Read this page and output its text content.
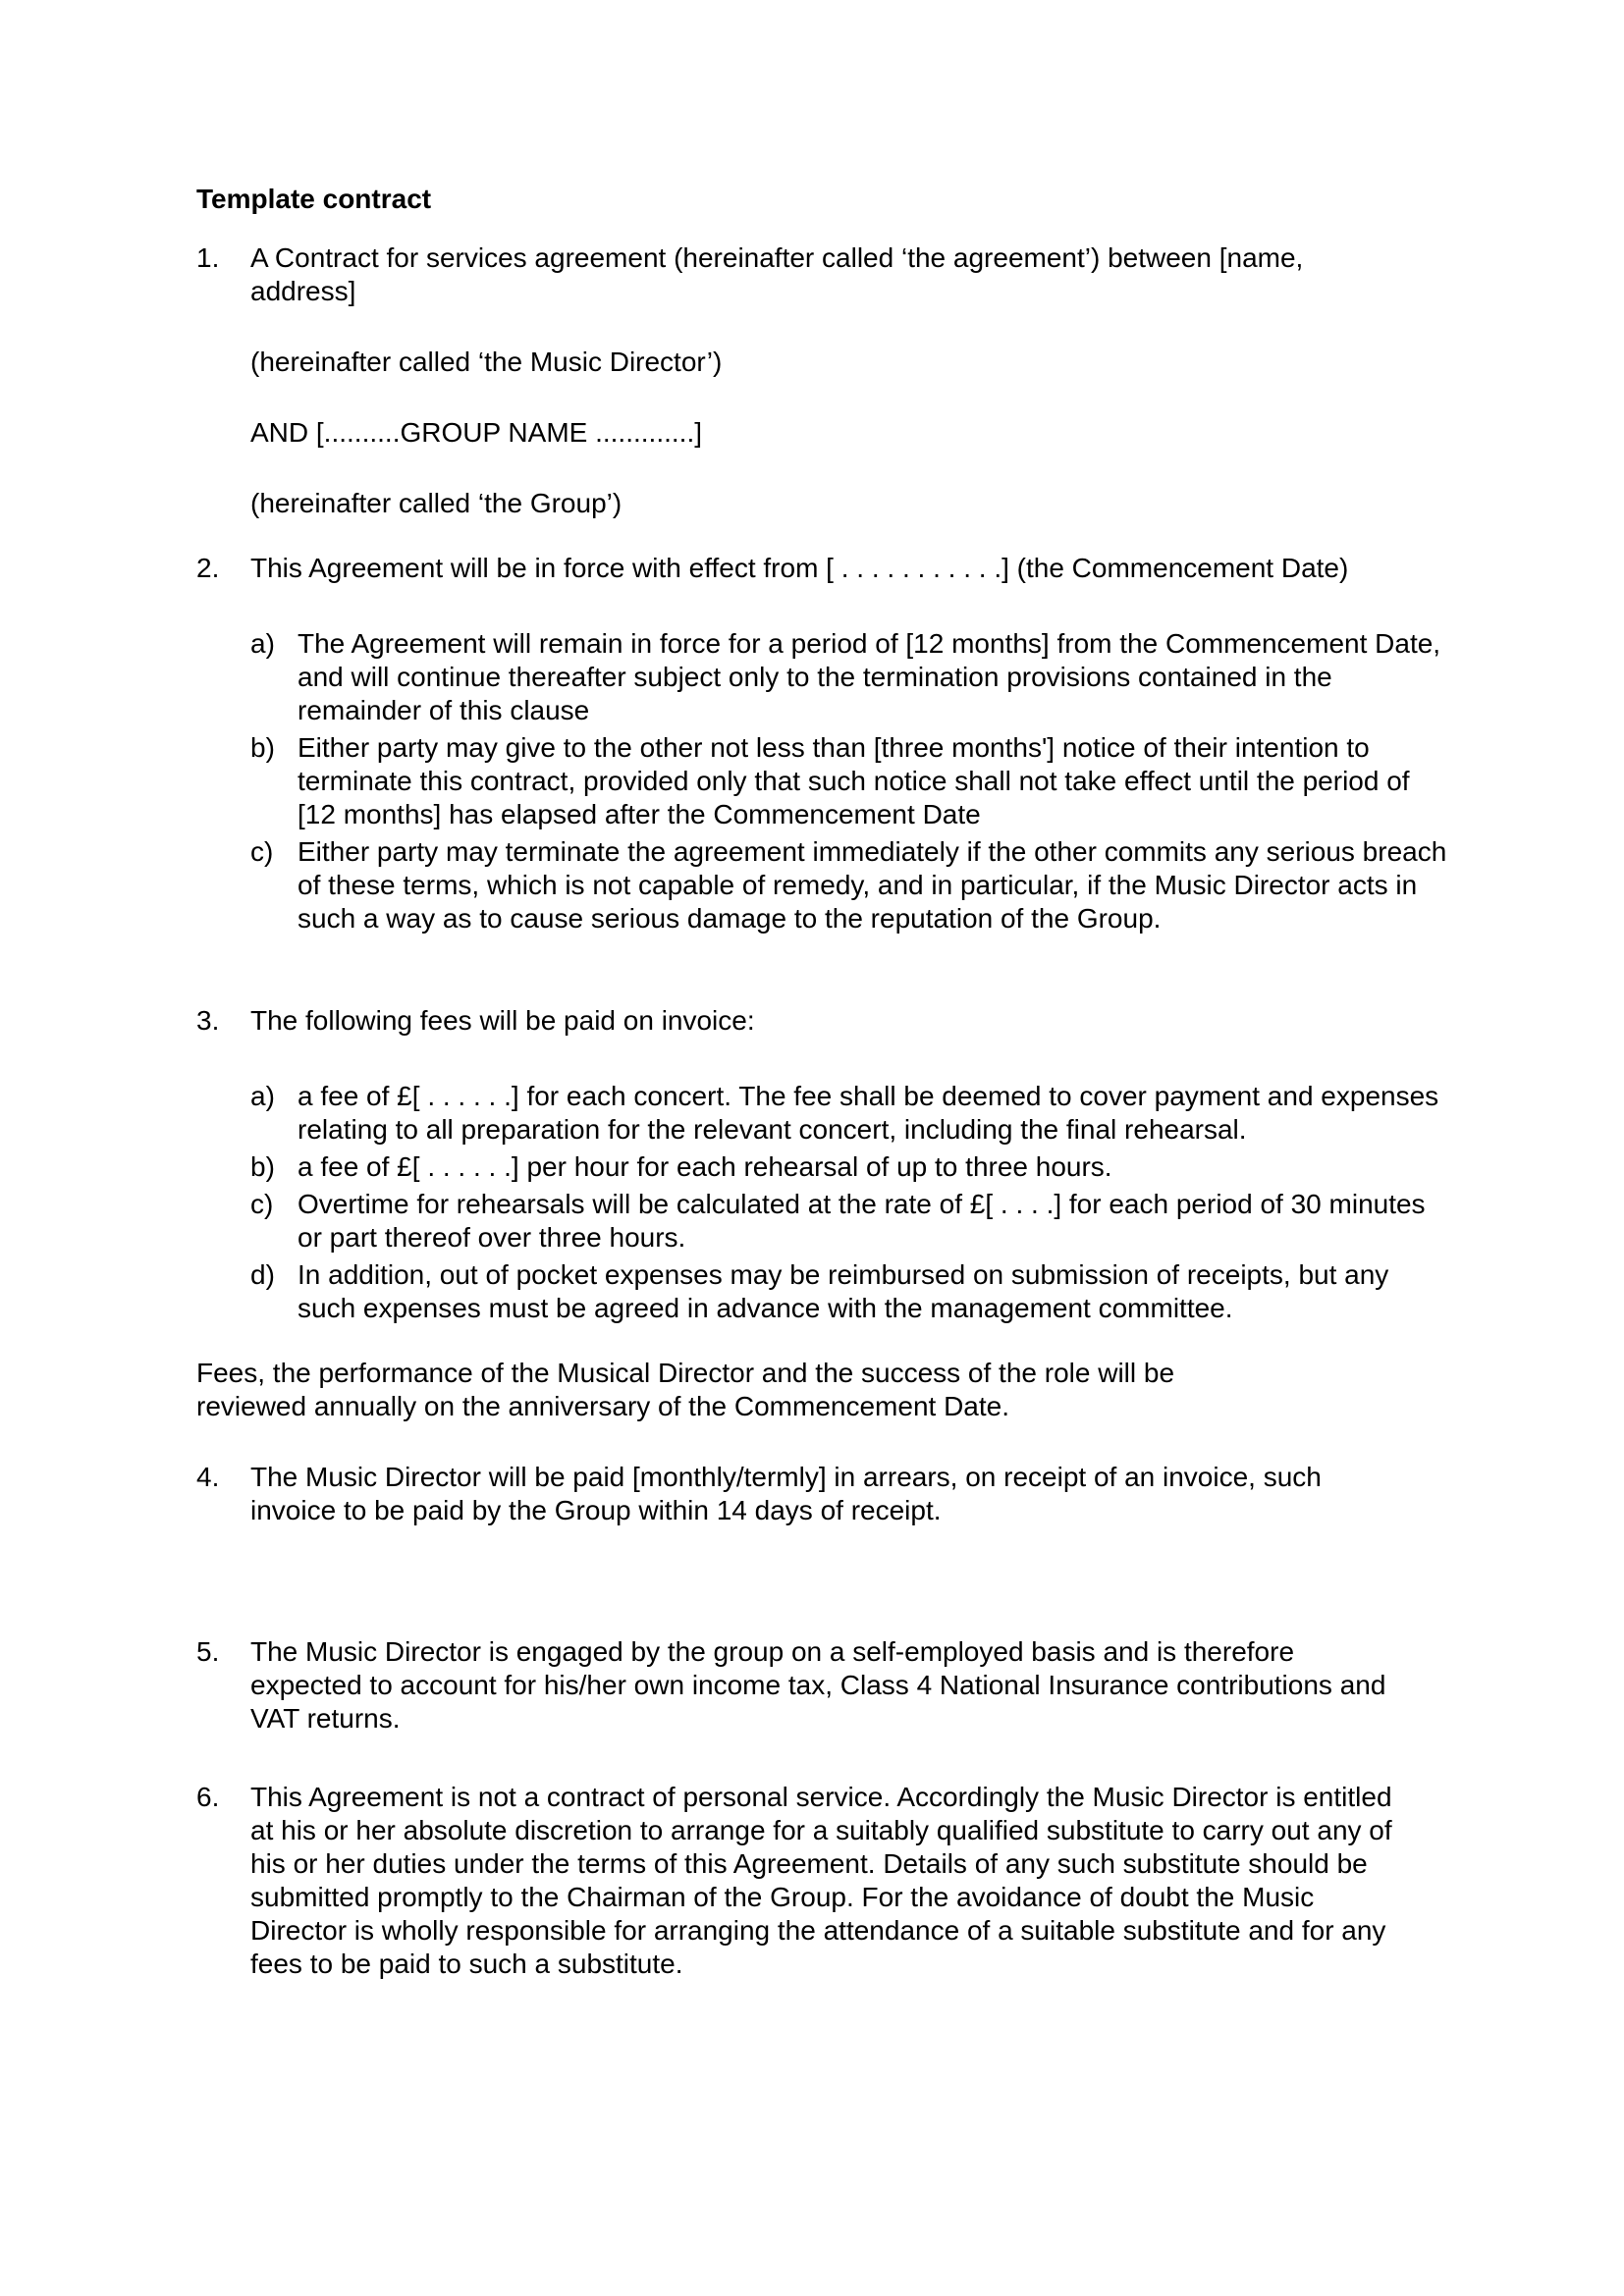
Template contract
1.	A Contract for services agreement (hereinafter called ‘the agreement’) between [name, address]

(hereinafter called ‘the Music Director’)

AND [..........GROUP NAME .............]

(hereinafter called ‘the Group’)

2.	This Agreement will be in force with effect from [ . . . . . . . . . . .] (the Commencement Date)

a) The Agreement will remain in force for a period of [12 months] from the Commencement Date, and will continue thereafter subject only to the termination provisions contained in the remainder of this clause

b) Either party may give to the other not less than [three months'] notice of their intention to terminate this contract, provided only that such notice shall not take effect until the period of [12 months] has elapsed after the Commencement Date

c) Either party may terminate the agreement immediately if the other commits any serious breach of these terms, which is not capable of remedy, and in particular, if the Music Director acts in such a way as to cause serious damage to the reputation of the Group.

3.	The following fees will be paid on invoice:

a) a fee of £[ . . . . . .] for each concert. The fee shall be deemed to cover payment and expenses relating to all preparation for the relevant concert, including the final rehearsal.

b) a fee of £[ . . . . . .] per hour for each rehearsal of up to three hours.

c) Overtime for rehearsals will be calculated at the rate of £[ . . . .] for each period of 30 minutes or part thereof over three hours.

d) In addition, out of pocket expenses may be reimbursed on submission of receipts, but any such expenses must be agreed in advance with the management committee.

Fees, the performance of the Musical Director and the success of the role will be reviewed annually on the anniversary of the Commencement Date.

4.	The Music Director will be paid [monthly/termly] in arrears, on receipt of an invoice, such invoice to be paid by the Group within 14 days of receipt.

5.	The Music Director is engaged by the group on a self-employed basis and is therefore expected to account for his/her own income tax, Class 4 National Insurance contributions and VAT returns.

6.	This Agreement is not a contract of personal service. Accordingly the Music Director is entitled at his or her absolute discretion to arrange for a suitably qualified substitute to carry out any of his or her duties under the terms of this Agreement. Details of any such substitute should be submitted promptly to the Chairman of the Group. For the avoidance of doubt the Music Director is wholly responsible for arranging the attendance of a suitable substitute and for any fees to be paid to such a substitute.
